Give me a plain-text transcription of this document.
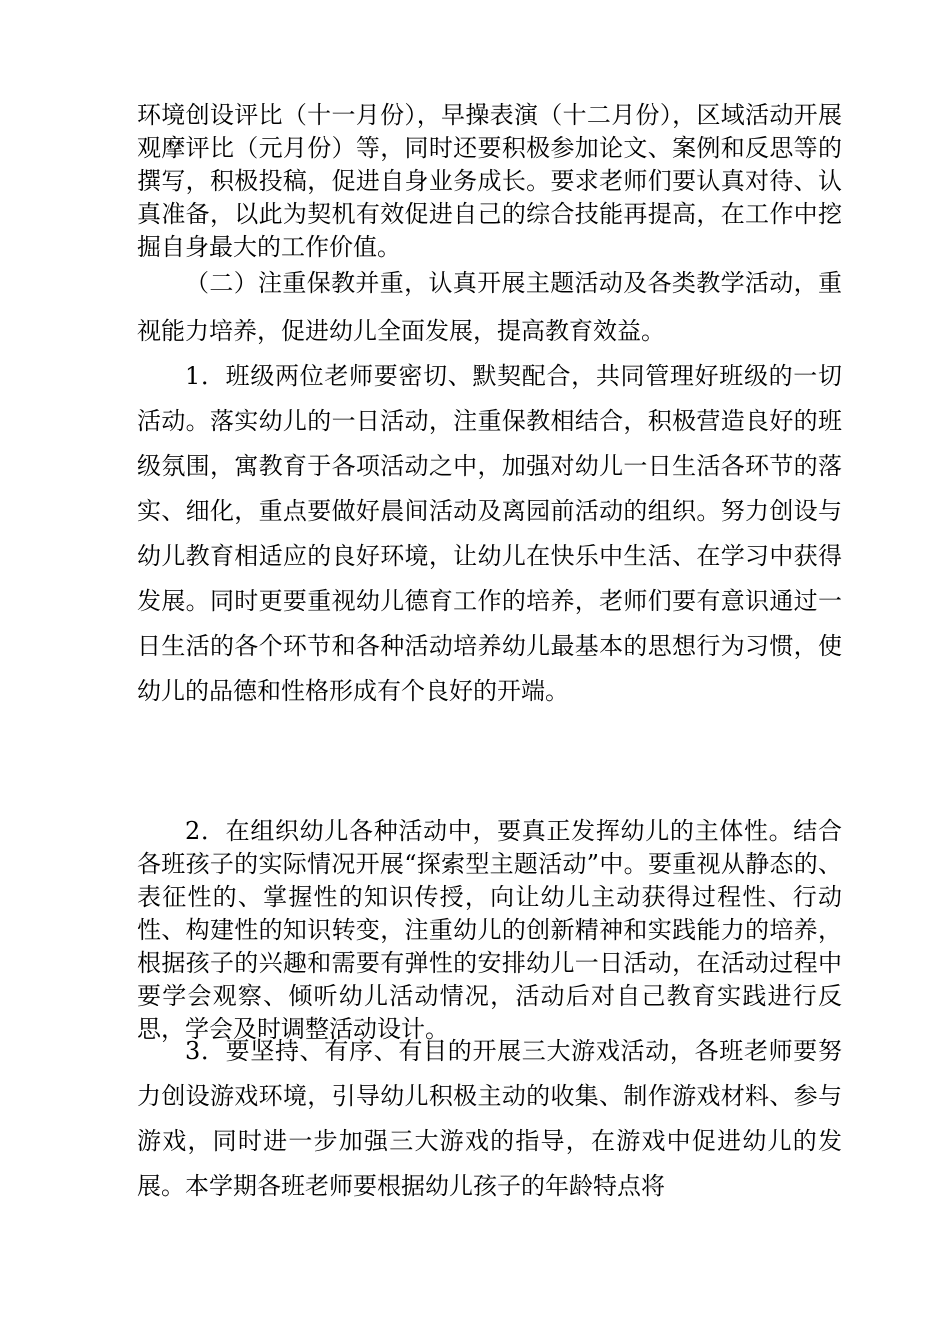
环境创设评比（十一月份），早操表演（十二月份），区域活动开展观摩评比（元月份）等，同时还要积极参加论文、案例和反思等的撰写，积极投稿，促进自身业务成长。要求老师们要认真对待、认真准备，以此为契机有效促进自己的综合技能再提高，在工作中挖掘自身最大的工作价值。

（二）注重保教并重，认真开展主题活动及各类教学活动，重视能力培养，促进幼儿全面发展，提高教育效益。

1．班级两位老师要密切、默契配合，共同管理好班级的一切活动。落实幼儿的一日活动，注重保教相结合，积极营造良好的班级氛围，寓教育于各项活动之中，加强对幼儿一日生活各环节的落实、细化，重点要做好晨间活动及离园前活动的组织。努力创设与幼儿教育相适应的良好环境，让幼儿在快乐中生活、在学习中获得发展。同时更要重视幼儿德育工作的培养，老师们要有意识通过一日生活的各个环节和各种活动培养幼儿最基本的思想行为习惯，使幼儿的品德和性格形成有个良好的开端。

2．在组织幼儿各种活动中，要真正发挥幼儿的主体性。结合各班孩子的实际情况开展“探索型主题活动”中。要重视从静态的、表征性的、掌握性的知识传授，向让幼儿主动获得过程性、行动性、构建性的知识转变，注重幼儿的创新精神和实践能力的培养，根据孩子的兴趣和需要有弹性的安排幼儿一日活动，在活动过程中要学会观察、倾听幼儿活动情况，活动后对自己教育实践进行反思，学会及时调整活动设计。

3．要坚持、有序、有目的开展三大游戏活动，各班老师要努力创设游戏环境，引导幼儿积极主动的收集、制作游戏材料、参与游戏，同时进一步加强三大游戏的指导，在游戏中促进幼儿的发展。本学期各班老师要根据幼儿孩子的年龄特点将
